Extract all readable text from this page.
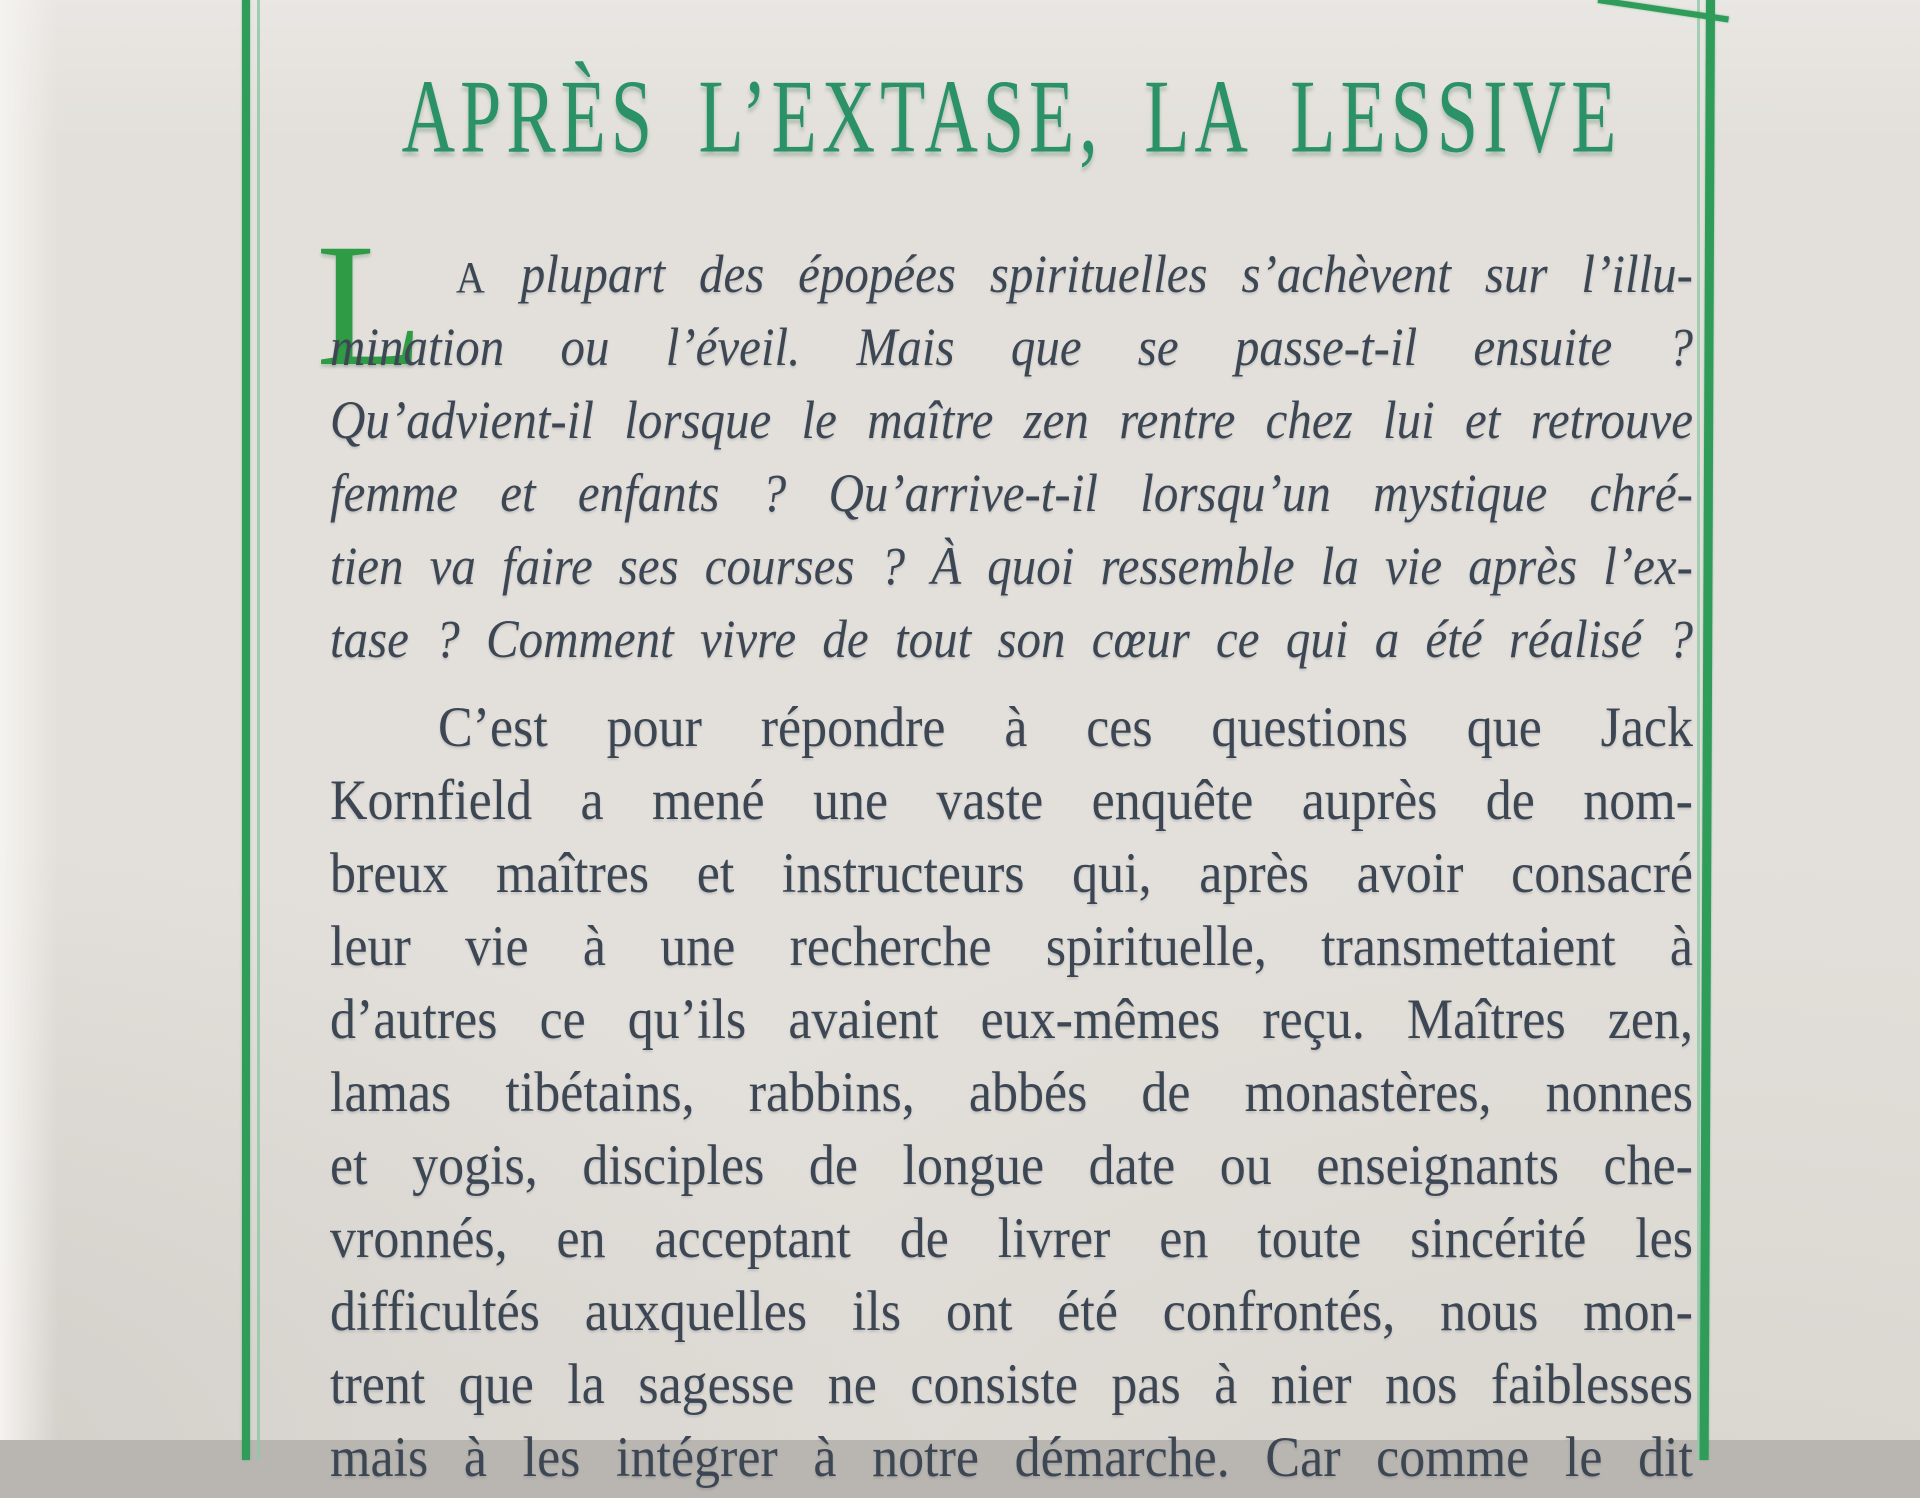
APRÈS L’EXTASE, LA LESSIVE
L A plupart des épopées spirituelles s’achèvent sur l’illu-
mination ou l’éveil. Mais que se passe-t-il ensuite ?
Qu’advient-il lorsque le maître zen rentre chez lui et retrouve
femme et enfants ? Qu’arrive-t-il lorsqu’un mystique chré-
tien va faire ses courses ? À quoi ressemble la vie après l’ex-
tase ? Comment vivre de tout son cœur ce qui a été réalisé ?
C’est pour répondre à ces questions que Jack
Kornfield a mené une vaste enquête auprès de nom-
breux maîtres et instructeurs qui, après avoir consacré
leur vie à une recherche spirituelle, transmettaient à
d’autres ce qu’ils avaient eux-mêmes reçu. Maîtres zen,
lamas tibétains, rabbins, abbés de monastères, nonnes
et yogis, disciples de longue date ou enseignants che-
vronnés, en acceptant de livrer en toute sincérité les
difficultés auxquelles ils ont été confrontés, nous mon-
trent que la sagesse ne consiste pas à nier nos faiblesses
mais à les intégrer à notre démarche. Car comme le dit
